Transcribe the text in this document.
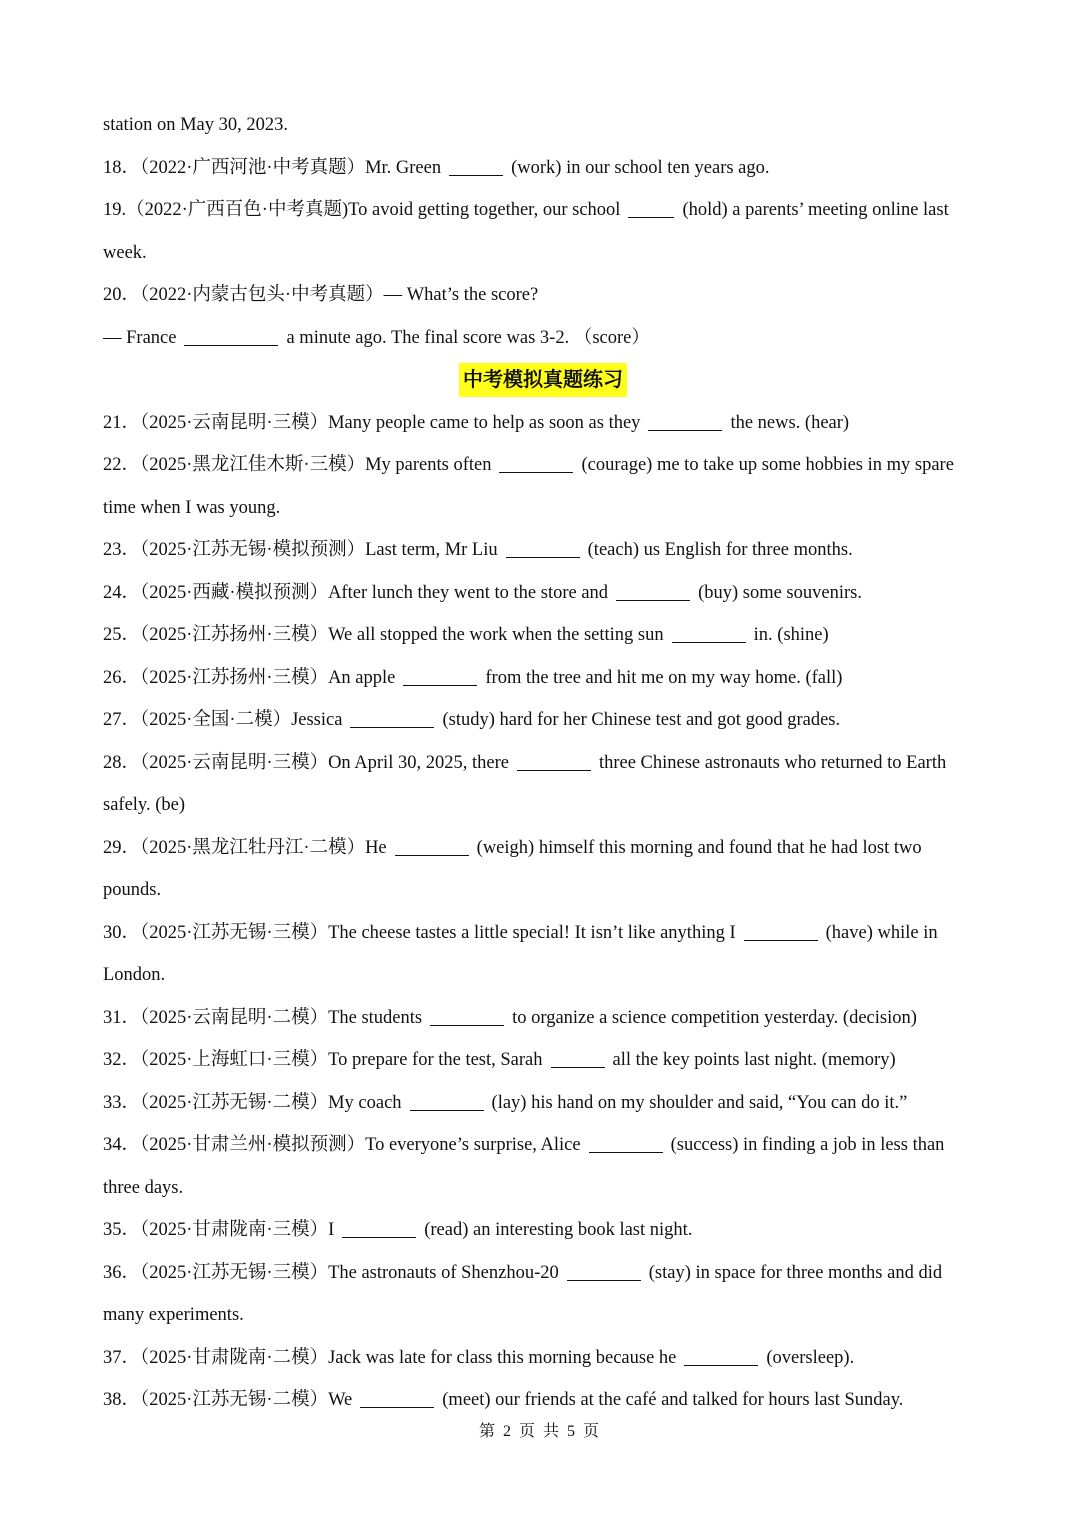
station on May 30, 2023.
18．（2022·广西河池·中考真题）Mr. Green	(work) in our school ten years ago.
19.（2022·广西百色·中考真题)To avoid getting together, our school	(hold) a parents’ meeting online last
week.
20．（2022·内蒙古包头·中考真题）— What’s the score?
— France	a minute ago. The final score was 3-2. （score）
中考模拟真题练习
21．（2025·云南昆明·三模）Many people came to help as soon as they	the news. (hear)
22．（2025·黑龙江佳木斯·三模）My parents often	(courage) me to take up some hobbies in my spare
time when I was young.
23．（2025·江苏无锡·模拟预测）Last term, Mr Liu	(teach) us English for three months.
24．（2025·西藏·模拟预测）After lunch they went to the store and	(buy) some souvenirs.
25．（2025·江苏扬州·三模）We all stopped the work when the setting sun	in. (shine)
26．（2025·江苏扬州·三模）An apple	from the tree and hit me on my way home. (fall)
27．（2025·全国·二模）Jessica	(study) hard for her Chinese test and got good grades.
28．（2025·云南昆明·三模）On April 30, 2025, there	three Chinese astronauts who returned to Earth
safely. (be)
29．（2025·黑龙江牡丹江·二模）He	(weigh) himself this morning and found that he had lost two
pounds.
30．（2025·江苏无锡·三模）The cheese tastes a little special! It isn’t like anything I	(have) while in
London.
31．（2025·云南昆明·二模）The students	to organize a science competition yesterday. (decision)
32．（2025·上海虹口·三模）To prepare for the test, Sarah	all the key points last night. (memory)
33．（2025·江苏无锡·二模）My coach	(lay) his hand on my shoulder and said, “You can do it.”
34．（2025·甘肃兰州·模拟预测）To everyone’s surprise, Alice	(success) in finding a job in less than
three days.
35．（2025·甘肃陇南·三模）I	(read) an interesting book last night.
36．（2025·江苏无锡·三模）The astronauts of Shenzhou-20	(stay) in space for three months and did
many experiments.
37．（2025·甘肃陇南·二模）Jack was late for class this morning because he	(oversleep).
38．（2025·江苏无锡·二模）We	(meet) our friends at the café and talked for hours last Sunday.
第 2 页 共 5 页
